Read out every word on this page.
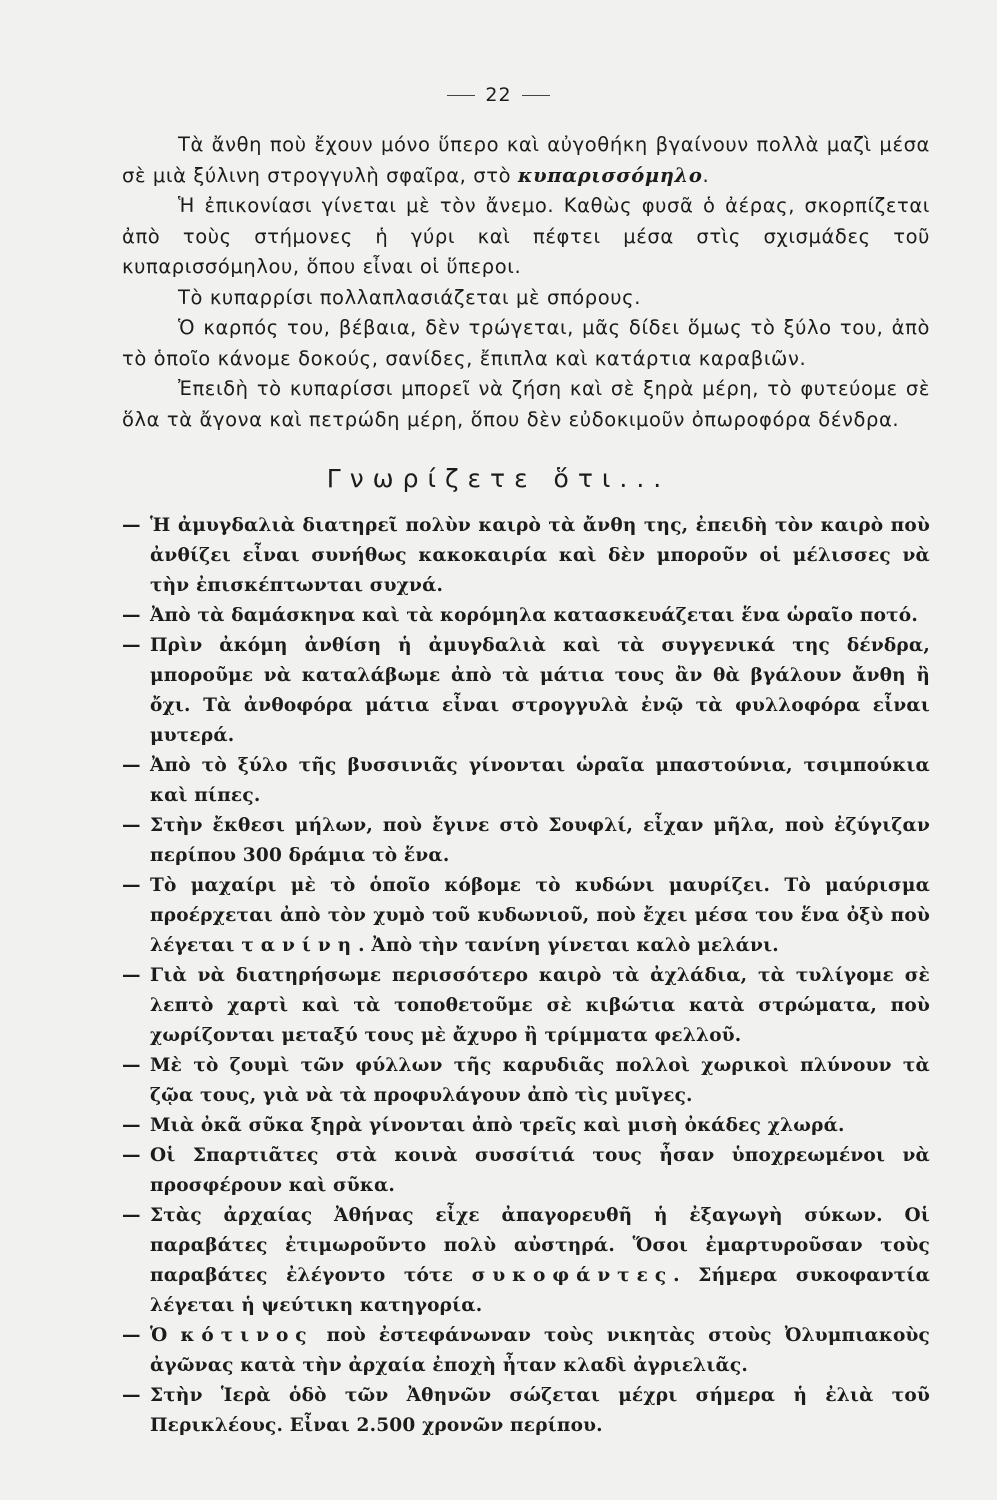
22

Τὰ ἄνθη ποὺ ἔχουν μόνο ὕπερο καὶ αὐγοθήκη βγαίνουν πολλὰ μαζὶ μέσα σὲ μιὰ ξύλινη στρογγυλὴ σφαῖρα, στὸ κυπαρισσόμηλο.

Ἡ ἐπικονίασι γίνεται μὲ τὸν ἄνεμο. Καθὼς φυσᾶ ὁ ἀέρας, σκορπίζεται ἀπὸ τοὺς στήμονες ἡ γύρι καὶ πέφτει μέσα στὶς σχισμάδες τοῦ κυπαρισσόμηλου, ὅπου εἶναι οἱ ὕπεροι.

Τὸ κυπαρρίσι πολλαπλασιάζεται μὲ σπόρους.

Ὁ καρπός του, βέβαια, δὲν τρώγεται, μᾶς δίδει ὅμως τὸ ξύλο του, ἀπὸ τὸ ὁποῖο κάνομε δοκούς, σανίδες, ἔπιπλα καὶ κατάρτια καραβιῶν.

Ἐπειδὴ τὸ κυπαρίσσι μπορεῖ νὰ ζήση καὶ σὲ ξηρὰ μέρη, τὸ φυτεύομε σὲ ὅλα τὰ ἄγονα καὶ πετρώδη μέρη, ὅπου δὲν εὐδοκιμοῦν ὀπωροφόρα δένδρα.

Γνωρίζετε ὅτι...
— Ἡ ἀμυγδαλιὰ διατηρεῖ πολὺν καιρὸ τὰ ἄνθη της, ἐπειδὴ τὸν καιρὸ ποὺ ἀνθίζει εἶναι συνήθως κακοκαιρία καὶ δὲν μποροῦν οἱ μέλισσες νὰ τὴν ἐπισκέπτωνται συχνά.
— Ἀπὸ τὰ δαμάσκηνα καὶ τὰ κορόμηλα κατασκευάζεται ἕνα ὡραῖο ποτό.
— Πρὶν ἀκόμη ἀνθίση ἡ ἀμυγδαλιὰ καὶ τὰ συγγενικά της δένδρα, μποροῦμε νὰ καταλάβωμε ἀπὸ τὰ μάτια τους ἂν θὰ βγάλουν ἄνθη ἢ ὄχι. Τὰ ἀνθοφόρα μάτια εἶναι στρογγυλὰ ἐνῷ τὰ φυλλοφόρα εἶναι μυτερά.
— Ἀπὸ τὸ ξύλο τῆς βυσσινιᾶς γίνονται ὡραῖα μπαστούνια, τσιμπούκια καὶ πίπες.
— Στὴν ἔκθεσι μήλων, ποὺ ἔγινε στὸ Σουφλί, εἶχαν μῆλα, ποὺ ἐζύγιζαν περίπου 300 δράμια τὸ ἕνα.
— Τὸ μαχαίρι μὲ τὸ ὁποῖο κόβομε τὸ κυδώνι μαυρίζει. Τὸ μαύρισμα προέρχεται ἀπὸ τὸν χυμὸ τοῦ κυδωνιοῦ, ποὺ ἔχει μέσα του ἕνα ὀξὺ ποὺ λέγεται τανίνη. Ἀπὸ τὴν τανίνη γίνεται καλὸ μελάνι.
— Γιὰ νὰ διατηρήσωμε περισσότερο καιρὸ τὰ ἀχλάδια, τὰ τυλίγομε σὲ λεπτὸ χαρτὶ καὶ τὰ τοποθετοῦμε σὲ κιβώτια κατὰ στρώματα, ποὺ χωρίζονται μεταξύ τους μὲ ἄχυρο ἢ τρίμματα φελλοῦ.
— Μὲ τὸ ζουμὶ τῶν φύλλων τῆς καρυδιᾶς πολλοὶ χωρικοὶ πλύνουν τὰ ζῷα τους, γιὰ νὰ τὰ προφυλάγουν ἀπὸ τὶς μυῖγες.
— Μιὰ ὀκᾶ σῦκα ξηρὰ γίνονται ἀπὸ τρεῖς καὶ μισὴ ὀκάδες χλωρά.
— Οἱ Σπαρτιᾶτες στὰ κοινὰ συσσίτιά τους ἦσαν ὑποχρεωμένοι νὰ προσφέρουν καὶ σῦκα.
— Στὰς ἀρχαίας Ἀθήνας εἶχε ἀπαγορευθῆ ἡ ἐξαγωγὴ σύκων. Οἱ παραβάτες ἐτιμωροῦντο πολὺ αὐστηρά. Ὅσοι ἐμαρτυροῦσαν τοὺς παραβάτες ἐλέγοντο τότε συκοφάντες. Σήμερα συκοφαντία λέγεται ἡ ψεύτικη κατηγορία.
— Ὁ κότινος ποὺ ἐστεφάνωναν τοὺς νικητὰς στοὺς Ὀλυμπιακοὺς ἀγῶνας κατὰ τὴν ἀρχαία ἐποχὴ ἦταν κλαδὶ ἀγριελιᾶς.
— Στὴν Ἱερὰ ὁδὸ τῶν Ἀθηνῶν σώζεται μέχρι σήμερα ἡ ἐλιὰ τοῦ Περικλέους. Εἶναι 2.500 χρονῶν περίπου.
